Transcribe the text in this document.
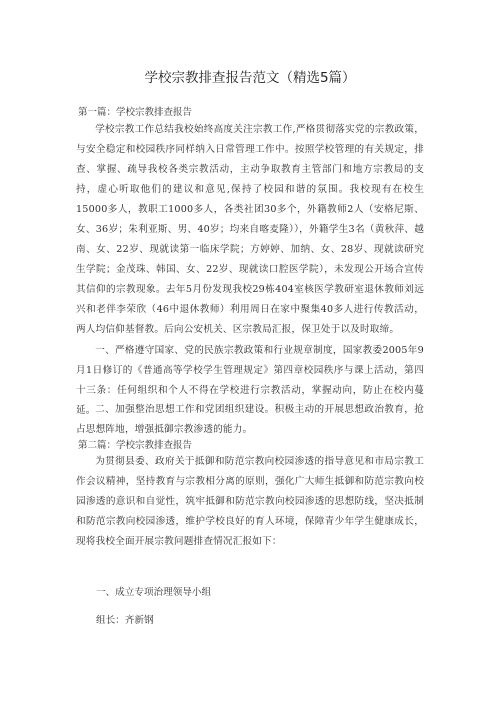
学校宗教排查报告范文（精选5篇）
第一篇：学校宗教排查报告
学校宗教工作总结我校始终高度关注宗教工作,严格贯彻落实党的宗教政策，与安全稳定和校园秩序同样纳入日常管理工作中。按照学校管理的有关规定，排查、掌握、疏导我校各类宗教活动，主动争取教育主管部门和地方宗教局的支持，虚心听取他们的建议和意见,保持了校园和谐的氛围。我校现有在校生15000多人，教职工1000多人，各类社团30多个，外籍教师2人（安格尼斯、女、36岁；朱利亚斯、男、40岁；均来自喀麦隆）），外籍学生3名（黄秋萍、越南、女、22岁、现就读第一临床学院；方婷婷、加纳、女、28岁、现就读研究生学院；金茂珠、韩国、女、22岁、现就读口腔医学院），未发现公开场合宣传其信仰的宗教现象。去年5月份发现我校29栋404室核医学教研室退休教师刘远兴和老伴李荣欣（46中退休教师）利用周日在家中聚集40多人进行传教活动，两人均信仰基督教。后向公安机关、区宗教局汇报，保卫处于以及时取缔。
一、严格遵守国家、党的民族宗教政策和行业规章制度，国家教委2005年9月1日修订的《普通高等学校学生管理规定》第四章校园秩序与课上活动，第四十三条：任何组织和个人不得在学校进行宗教活动，掌握动向，防止在校内蔓延。 二、加强整治思想工作和党团组织建设。积极主动的开展思想政治教育，抢占思想阵地，增强抵御宗教渗透的能力。
第二篇：学校宗教排查报告
为贯彻县委、政府关于抵御和防范宗教向校园渗透的指导意见和市局宗教工作会议精神，坚持教育与宗教相分离的原则，强化广大师生抵御和防范宗教向校园渗透的意识和自觉性，筑牢抵御和防范宗教向校园渗透的思想防线，坚决抵制和防范宗教向校园渗透，维护学校良好的育人环境，保障青少年学生健康成长，现将我校全面开展宗教问题排查情况汇报如下：
一、成立专项治理领导小组
组长：齐新钢
